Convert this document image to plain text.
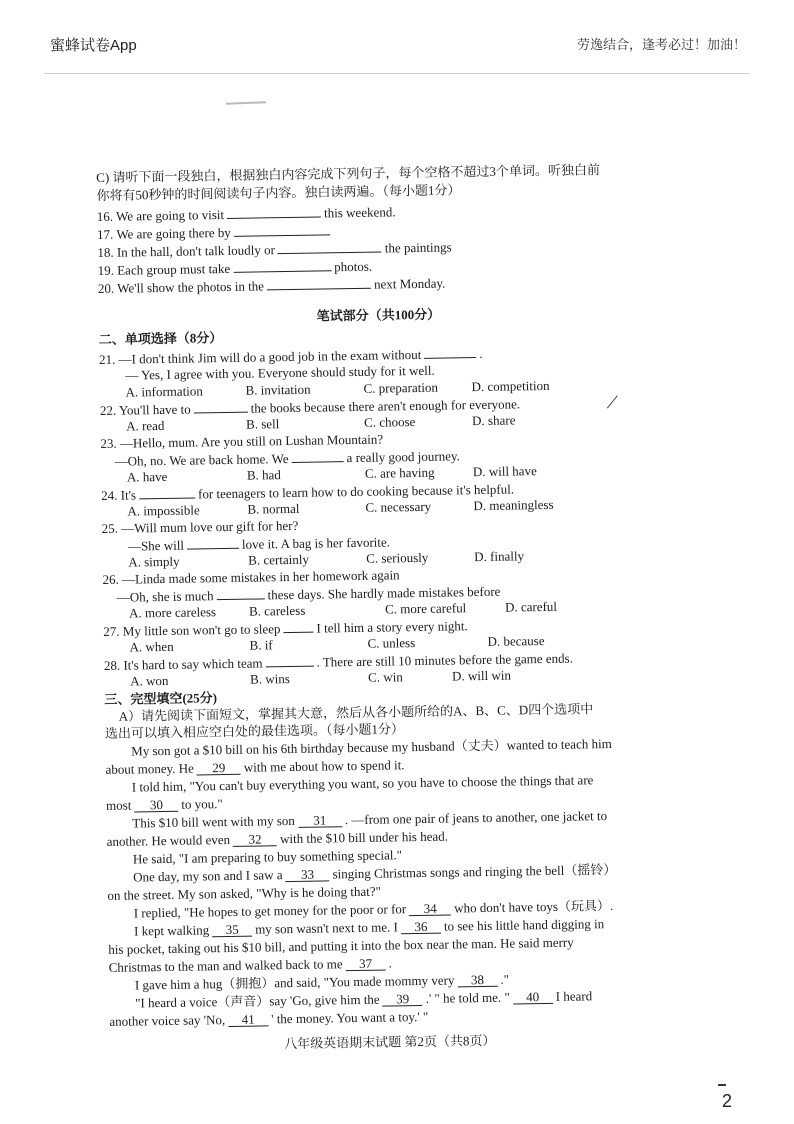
蜜蜂试卷App	劳逸结合，逢考必过！加油！
C) 请听下面一段独白，根据独白内容完成下列句子，每个空格不超过3个单词。听独白前
你将有50秒钟的时间阅读句子内容。独白读两遍。（每小题1分）
16. We are going to visit	this weekend.
17. We are going there by
18. In the hall, don't talk loudly or	the paintings
19. Each group must take	photos.
20. We'll show the photos in the	next Monday.
笔试部分（共100分）
二、单项选择（8分）
21. —I don't think Jim will do a good job in the exam without	.
— Yes, I agree with you. Everyone should study for it well.
A. information	B. invitation	C. preparation	D. competition
22. You'll have to	the books because there aren't enough for everyone.
A. read	B. sell	C. choose	D. share
23. —Hello, mum. Are you still on Lushan Mountain?
—Oh, no. We are back home. We	a really good journey.
A. have	B. had	C. are having	D. will have
24. It's	for teenagers to learn how to do cooking because it's helpful.
A. impossible	B. normal	C. necessary	D. meaningless
25. —Will mum love our gift for her?
—She will	love it. A bag is her favorite.
A. simply	B. certainly	C. seriously	D. finally
26. —Linda made some mistakes in her homework again
—Oh, she is much	these days. She hardly made mistakes before
A. more careless	B. careless	C. more careful	D. careful
27. My little son won't go to sleep	I tell him a story every night.
A. when	B. if	C. unless	D. because
28. It's hard to say which team	. There are still 10 minutes before the game ends.
A. won	B. wins	C. win	D. will win
三、完型填空(25分)
A）请先阅读下面短文，掌握其大意，然后从各小题所给的A、B、C、D四个选项中
选出可以填入相应空白处的最佳选项。（每小题1分）
My son got a $10 bill on his 6th birthday because my husband（丈夫）wanted to teach him
about money. He 29 with me about how to spend it.
I told him, "You can't buy everything you want, so you have to choose the things that are
most 30 to you."
This $10 bill went with my son 31 . —from one pair of jeans to another, one jacket to
another. He would even 32 with the $10 bill under his head.
He said, "I am preparing to buy something special."
One day, my son and I saw a 33 singing Christmas songs and ringing the bell（摇铃）
on the street. My son asked, "Why is he doing that?"
I replied, "He hopes to get money for the poor or for 34 who don't have toys（玩具）.
I kept walking 35 my son wasn't next to me. I 36 to see his little hand digging in
his pocket, taking out his $10 bill, and putting it into the box near the man. He said merry
Christmas to the man and walked back to me 37 .
I gave him a hug（拥抱）and said, "You made mommy very 38 ."
"I heard a voice（声音）say 'Go, give him the 39 .' " he told me. " 40 I heard
another voice say 'No, 41 ' the money. You want a toy.' "
八年级英语期末试题 第2页（共8页）
2
